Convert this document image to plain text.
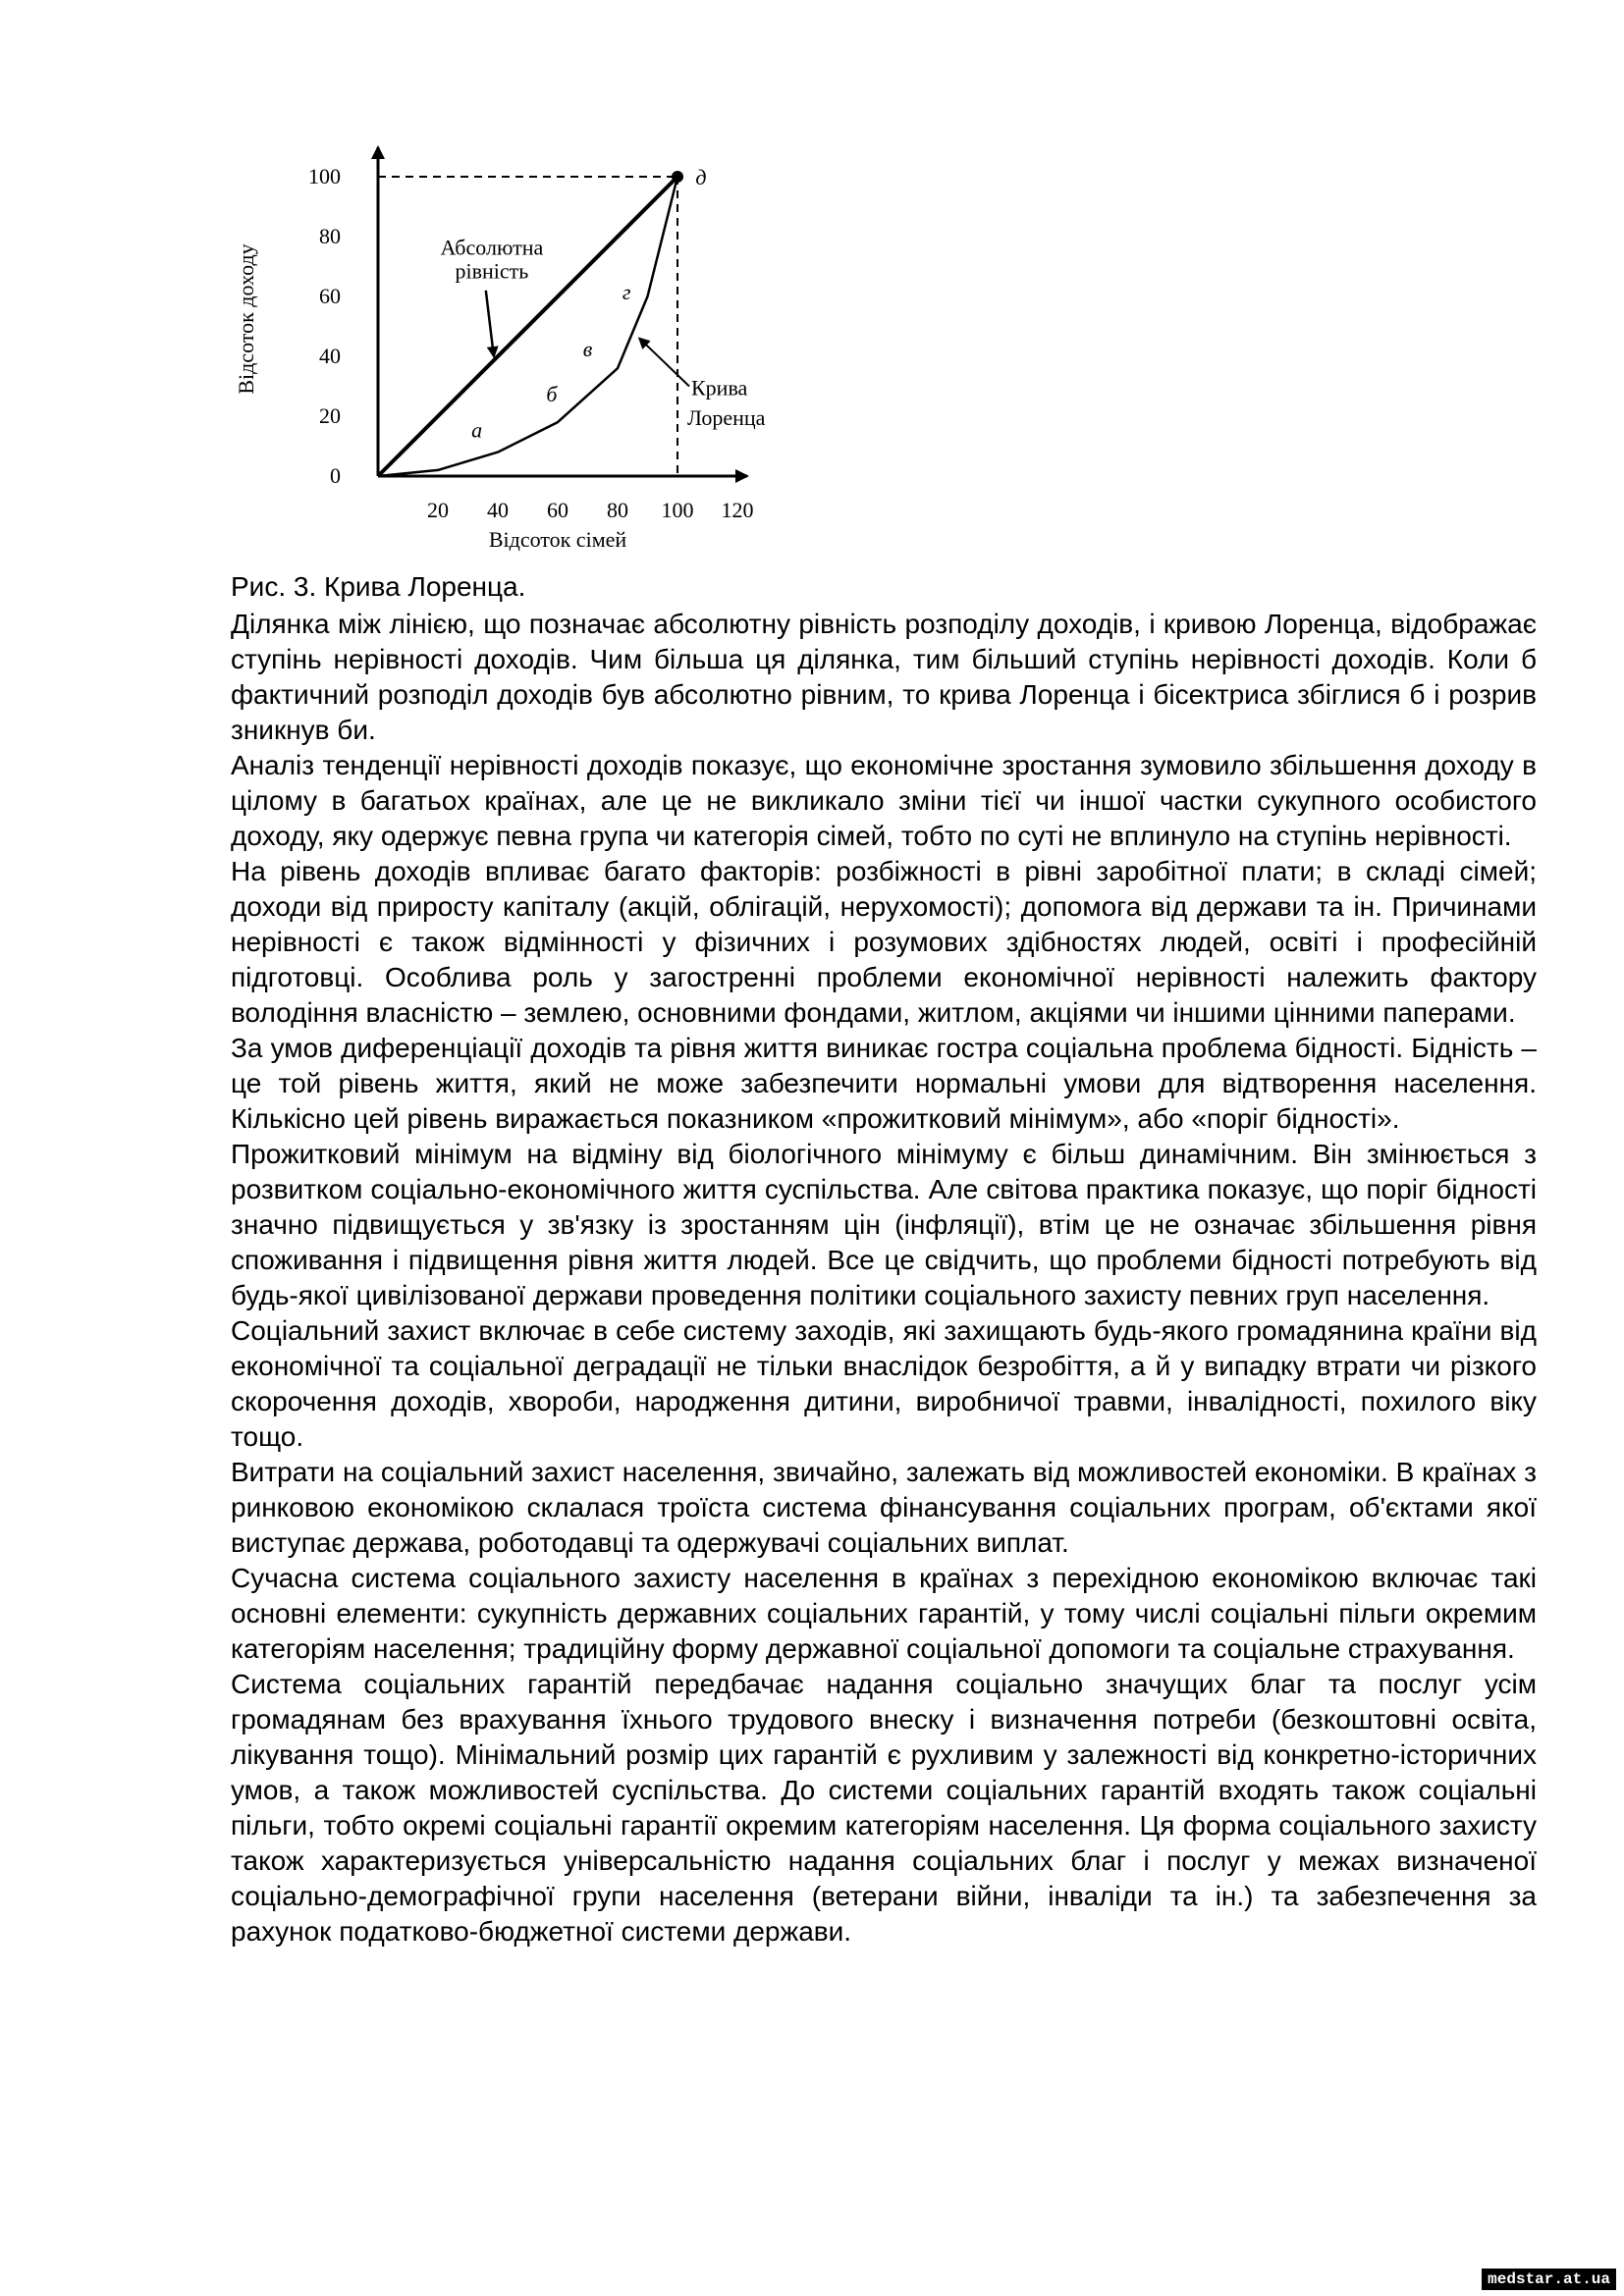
0
20
40
60
80
100
20 40 60 80 100 120
Відсоток сімей
Відсоток доходу	Абсолютна
рівність
д
а
б
в
г
Крива
Лоренца
Рис. 3. Крива Лоренца.

Ділянка між лінією, що позначає абсолютну рівність розподілу доходів, і кривою Лоренца, відображає ступінь нерівності доходів. Чим більша ця ділянка, тим більший ступінь нерівності доходів. Коли б фактичний розподіл доходів був абсолютно рівним, то крива Лоренца і бісектриса збіглися б і розрив зникнув би.

Аналіз тенденції нерівності доходів показує, що економічне зростання зумовило збільшення доходу в цілому в багатьох країнах, але це не викликало зміни тієї чи іншої частки сукупного особистого доходу, яку одержує певна група чи категорія сімей, тобто по суті не вплинуло на ступінь нерівності.

На рівень доходів впливає багато факторів: розбіжності в рівні заробітної плати; в складі сімей; доходи від приросту капіталу (акцій, облігацій, нерухомості); допомога від держави та ін. Причинами нерівності є також відмінності у фізичних і розумових здібностях людей, освіті і професійній підготовці. Особлива роль у загостренні проблеми економічної нерівності належить фактору володіння власністю – землею, основними фондами, житлом, акціями чи іншими цінними паперами.

За умов диференціації доходів та рівня життя виникає гостра соціальна проблема бідності. Бідність – це той рівень життя, який не може забезпечити нормальні умови для відтворення населення. Кількісно цей рівень виражається показником «прожитковий мінімум», або «поріг бідності».

Прожитковий мінімум на відміну від біологічного мінімуму є більш динамічним. Він змінюється з розвитком соціально-економічного життя суспільства. Але світова практика показує, що поріг бідності значно підвищується у зв'язку із зростанням цін (інфляції), втім це не означає збільшення рівня споживання і підвищення рівня життя людей. Все це свідчить, що проблеми бідності потребують від будь-якої цивілізованої держави проведення політики соціального захисту певних груп населення.

Соціальний захист включає в себе систему заходів, які захищають будь-якого громадянина країни від економічної та соціальної деградації не тільки внаслідок безробіття, а й у випадку втрати чи різкого скорочення доходів, хвороби, народження дитини, виробничої травми, інвалідності, похилого віку тощо.

Витрати на соціальний захист населення, звичайно, залежать від можливостей економіки. В країнах з ринковою економікою склалася троїста система фінансування соціальних програм, об'єктами якої виступає держава, роботодавці та одержувачі соціальних виплат.

Сучасна система соціального захисту населення в країнах з перехідною економікою включає такі основні елементи: сукупність державних соціальних гарантій, у тому числі соціальні пільги окремим категоріям населення; традиційну форму державної соціальної допомоги та соціальне страхування.

Система соціальних гарантій передбачає надання соціально значущих благ та послуг усім громадянам без врахування їхнього трудового внеску і визначення потреби (безкоштовні освіта, лікування тощо). Мінімальний розмір цих гарантій є рухливим у залежності від конкретно-історичних умов, а також можливостей суспільства. До системи соціальних гарантій входять також соціальні пільги, тобто окремі соціальні гарантії окремим категоріям населення. Ця форма соціального захисту також характеризується універсальністю надання соціальних благ і послуг у межах визначеної соціально-демографічної групи населення (ветерани війни, інваліди та ін.) та забезпечення за рахунок податково-бюджетної системи держави.

medstar.at.ua
